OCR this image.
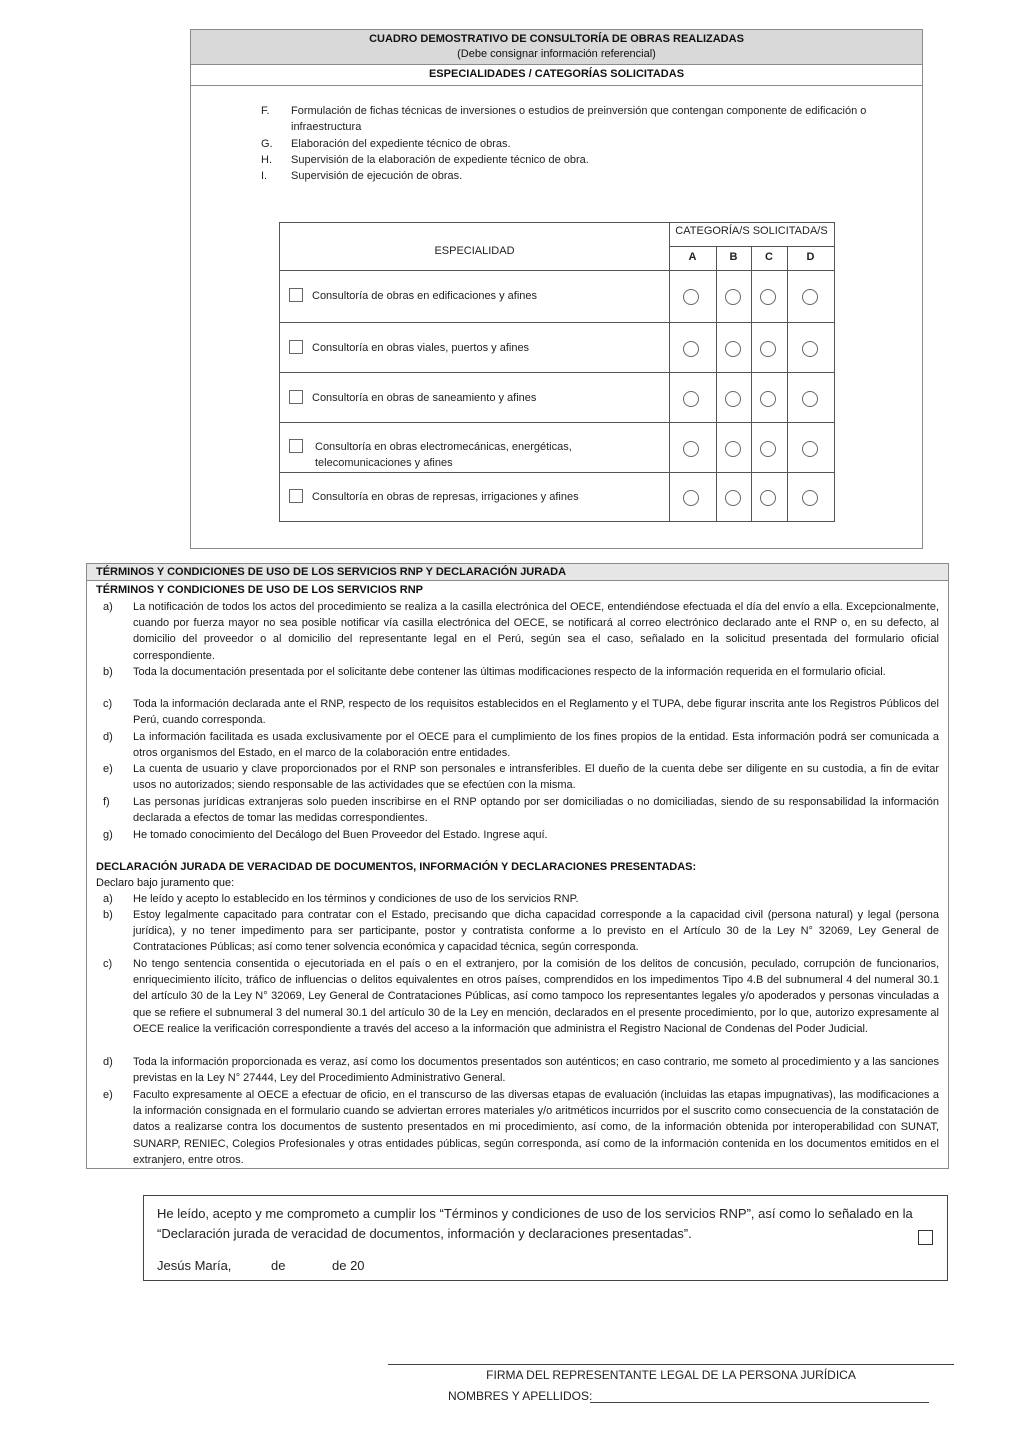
CUADRO DEMOSTRATIVO DE CONSULTORÍA DE OBRAS REALIZADAS
(Debe consignar información referencial)
ESPECIALIDADES / CATEGORÍAS SOLICITADAS
F.	Formulación de fichas técnicas de inversiones o estudios de preinversión que contengan componente de edificación o infraestructura
G.	Elaboración del expediente técnico de obras.
H.	Supervisión de la elaboración de expediente técnico de obra.
I.	Supervisión de ejecución de obras.
ESPECIALIDAD
CATEGORÍA/S SOLICITADA/S
A	B	C	D
Consultoría de obras en edificaciones y afines
Consultoría en obras viales, puertos y afines
Consultoría en obras de saneamiento y afines
Consultoría en obras electromecánicas, energéticas, telecomunicaciones y afines
Consultoría en obras de represas, irrigaciones y afines
TÉRMINOS Y CONDICIONES DE USO DE LOS SERVICIOS RNP Y DECLARACIÓN JURADA
TÉRMINOS Y CONDICIONES DE USO DE LOS SERVICIOS RNP
a) La notificación de todos los actos del procedimiento se realiza a la casilla electrónica del OECE, entendiéndose efectuada el día del envío a ella. Excepcionalmente, cuando por fuerza mayor no sea posible notificar vía casilla electrónica del OECE, se notificará al correo electrónico declarado ante el RNP o, en su defecto, al domicilio del proveedor o al domicilio del representante legal en el Perú, según sea el caso, señalado en la solicitud presentada del formulario oficial correspondiente.
b) Toda la documentación presentada por el solicitante debe contener las últimas modificaciones respecto de la información requerida en el formulario oficial.
c) Toda la información declarada ante el RNP, respecto de los requisitos establecidos en el Reglamento y el TUPA, debe figurar inscrita ante los Registros Públicos del Perú, cuando corresponda.
d) La información facilitada es usada exclusivamente por el OECE para el cumplimiento de los fines propios de la entidad. Esta información podrá ser comunicada a otros organismos del Estado, en el marco de la colaboración entre entidades.
e) La cuenta de usuario y clave proporcionados por el RNP son personales e intransferibles. El dueño de la cuenta debe ser diligente en su custodia, a fin de evitar usos no autorizados; siendo responsable de las actividades que se efectúen con la misma.
f) Las personas jurídicas extranjeras solo pueden inscribirse en el RNP optando por ser domiciliadas o no domiciliadas, siendo de su responsabilidad la información declarada a efectos de tomar las medidas correspondientes.
g) He tomado conocimiento del Decálogo del Buen Proveedor del Estado. Ingrese aquí.
DECLARACIÓN JURADA DE VERACIDAD DE DOCUMENTOS, INFORMACIÓN Y DECLARACIONES PRESENTADAS:
Declaro bajo juramento que:
a) He leído y acepto lo establecido en los términos y condiciones de uso de los servicios RNP.
b) Estoy legalmente capacitado para contratar con el Estado, precisando que dicha capacidad corresponde a la capacidad civil (persona natural) y legal (persona jurídica), y no tener impedimento para ser participante, postor y contratista conforme a lo previsto en el Artículo 30 de la Ley N° 32069, Ley General de Contrataciones Públicas; así como tener solvencia económica y capacidad técnica, según corresponda.
c) No tengo sentencia consentida o ejecutoriada en el país o en el extranjero, por la comisión de los delitos de concusión, peculado, corrupción de funcionarios, enriquecimiento ilícito, tráfico de influencias o delitos equivalentes en otros países, comprendidos en los impedimentos Tipo 4.B del subnumeral 4 del numeral 30.1 del artículo 30 de la Ley N° 32069, Ley General de Contrataciones Públicas, así como tampoco los representantes legales y/o apoderados y personas vinculadas a que se refiere el subnumeral 3 del numeral 30.1 del artículo 30 de la Ley en mención, declarados en el presente procedimiento, por lo que, autorizo expresamente al OECE realice la verificación correspondiente a través del acceso a la información que administra el Registro Nacional de Condenas del Poder Judicial.
d) Toda la información proporcionada es veraz, así como los documentos presentados son auténticos; en caso contrario, me someto al procedimiento y a las sanciones previstas en la Ley N° 27444, Ley del Procedimiento Administrativo General.
e) Faculto expresamente al OECE a efectuar de oficio, en el transcurso de las diversas etapas de evaluación (incluidas las etapas impugnativas), las modificaciones a la información consignada en el formulario cuando se adviertan errores materiales y/o aritméticos incurridos por el suscrito como consecuencia de la constatación de datos a realizarse contra los documentos de sustento presentados en mi procedimiento, así como, de la información obtenida por interoperabilidad con SUNAT, SUNARP, RENIEC, Colegios Profesionales y otras entidades públicas, según corresponda, así como de la información contenida en los documentos emitidos en el extranjero, entre otros.
He leído, acepto y me comprometo a cumplir los “Términos y condiciones de uso de los servicios RNP”, así como lo señalado en la “Declaración jurada de veracidad de documentos, información y declaraciones presentadas”.
Jesús María,	de	de 20
FIRMA DEL REPRESENTANTE LEGAL DE LA PERSONA JURÍDICA
NOMBRES Y APELLIDOS:
